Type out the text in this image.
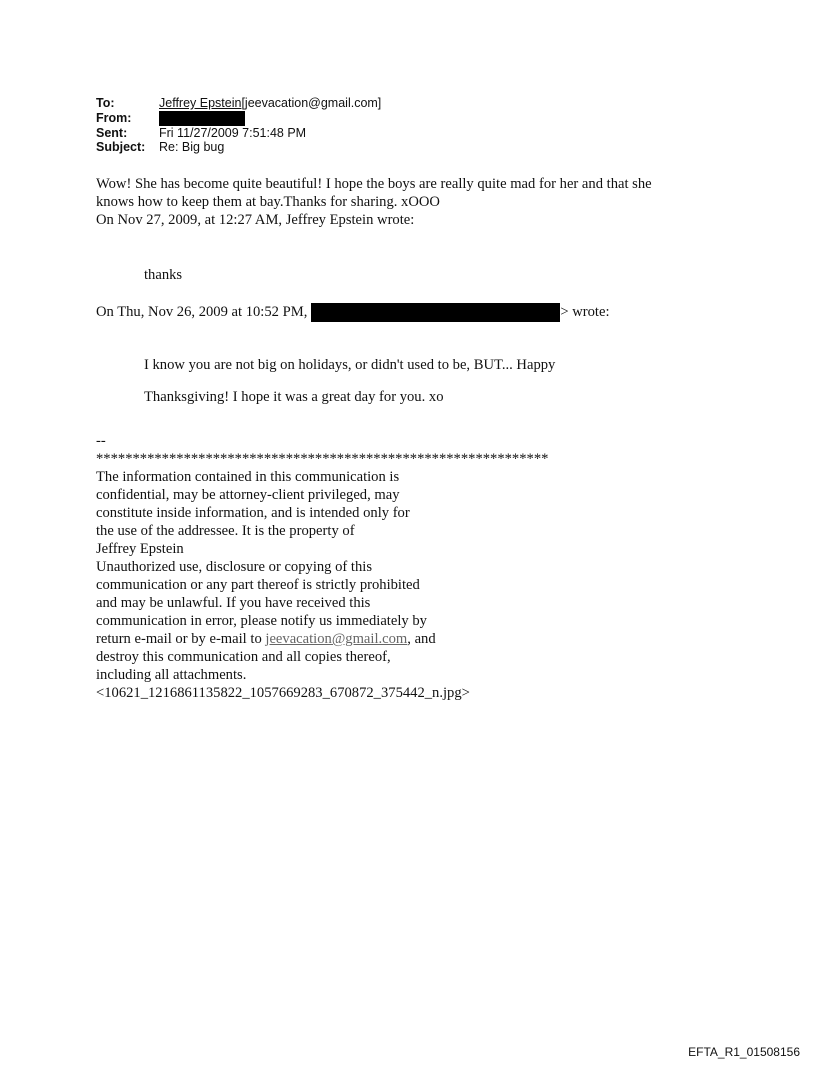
To:	Jeffrey Epstein[jeevacation@gmail.com]
From:
Sent:	Fri 11/27/2009 7:51:48 PM
Subject:	Re: Big bug

Wow! She has become quite beautiful! I hope the boys are really quite mad for her and that she

knows how to keep them at bay.Thanks for sharing. xOOO

On Nov 27, 2009, at 12:27 AM, Jeffrey Epstein wrote:

thanks
On Thu, Nov 26, 2009 at 10:52 PM,	> wrote:

I know you are not big on holidays, or didn't used to be, BUT... Happy

Thanksgiving! I hope it was a great day for you. xo

--

**************************************************************

The information contained in this communication is

confidential, may be attorney-client privileged, may

constitute inside information, and is intended only for

the use of the addressee. It is the property of

Jeffrey Epstein

Unauthorized use, disclosure or copying of this

communication or any part thereof is strictly prohibited

and may be unlawful. If you have received this

communication in error, please notify us immediately by

return e-mail or by e-mail to jeevacation@gmail.com, and

destroy this communication and all copies thereof,

including all attachments.

<10621_1216861135822_1057669283_670872_375442_n.jpg>

EFTA_R1_01508156
